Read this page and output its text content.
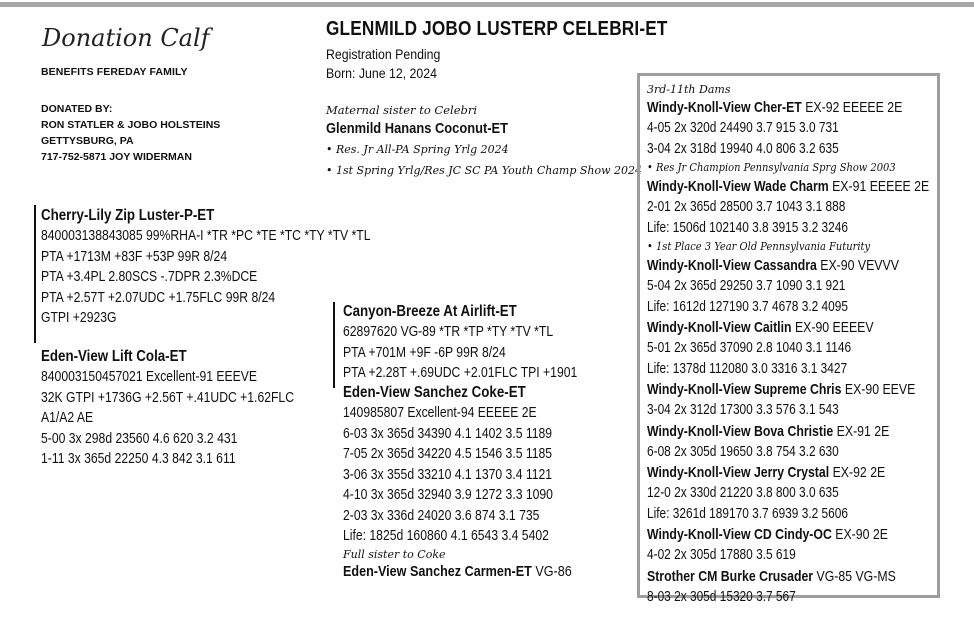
Donation Calf
BENEFITS FEREDAY FAMILY
DONATED BY:
RON STATLER & JOBO HOLSTEINS
GETTYSBURG, PA
717-752-5871 JOY WIDERMAN
GLENMILD JOBO LUSTERP CELEBRI-ET
Registration Pending
Born: June 12, 2024
Maternal sister to Celebri
Glenmild Hanans Coconut-ET
• Res. Jr All-PA Spring Yrlg 2024
• 1st Spring Yrlg/Res JC SC PA Youth Champ Show 2024
Cherry-Lily Zip Luster-P-ET
840003138843085 99%RHA-I *TR *PC *TE *TC *TY *TV *TL
PTA +1713M +83F +53P 99R 8/24
PTA +3.4PL 2.80SCS -.7DPR 2.3%DCE
PTA +2.57T +2.07UDC +1.75FLC 99R 8/24
GTPI +2923G
Eden-View Lift Cola-ET
840003150457021 Excellent-91 EEEVE
32K GTPI +1736G +2.56T +.41UDC +1.62FLC
A1/A2 AE
5-00 3x 298d 23560 4.6 620 3.2 431
1-11 3x 365d 22250 4.3 842 3.1 611
Canyon-Breeze At Airlift-ET
62897620 VG-89 *TR *TP *TY *TV *TL
PTA +701M +9F -6P 99R 8/24
PTA +2.28T +.69UDC +2.01FLC TPI +1901
Eden-View Sanchez Coke-ET
140985807 Excellent-94 EEEEE 2E
6-03 3x 365d 34390 4.1 1402 3.5 1189
7-05 2x 365d 34220 4.5 1546 3.5 1185
3-06 3x 355d 33210 4.1 1370 3.4 1121
4-10 3x 365d 32940 3.9 1272 3.3 1090
2-03 3x 336d 24020 3.6 874 3.1 735
Life: 1825d 160860 4.1 6543 3.4 5402
Full sister to Coke
Eden-View Sanchez Carmen-ET VG-86
3rd-11th Dams
Windy-Knoll-View Cher-ET EX-92 EEEEE 2E
4-05 2x 320d 24490 3.7 915 3.0 731
3-04 2x 318d 19940 4.0 806 3.2 635
• Res Jr Champion Pennsylvania Sprg Show 2003
Windy-Knoll-View Wade Charm EX-91 EEEEE 2E
2-01 2x 365d 28500 3.7 1043 3.1 888
Life: 1506d 102140 3.8 3915 3.2 3246
• 1st Place 3 Year Old Pennsylvania Futurity
Windy-Knoll-View Cassandra EX-90 VEVVV
5-04 2x 365d 29250 3.7 1090 3.1 921
Life: 1612d 127190 3.7 4678 3.2 4095
Windy-Knoll-View Caitlin EX-90 EEEEV
5-01 2x 365d 37090 2.8 1040 3.1 1146
Life: 1378d 112080 3.0 3316 3.1 3427
Windy-Knoll-View Supreme Chris EX-90 EEVE
3-04 2x 312d 17300 3.3 576 3.1 543
Windy-Knoll-View Bova Christie EX-91 2E
6-08 2x 305d 19650 3.8 754 3.2 630
Windy-Knoll-View Jerry Crystal EX-92 2E
12-0 2x 330d 21220 3.8 800 3.0 635
Life: 3261d 189170 3.7 6939 3.2 5606
Windy-Knoll-View CD Cindy-OC EX-90 2E
4-02 2x 305d 17880 3.5 619
Strother CM Burke Crusader VG-85 VG-MS
8-03 2x 305d 15320 3.7 567
